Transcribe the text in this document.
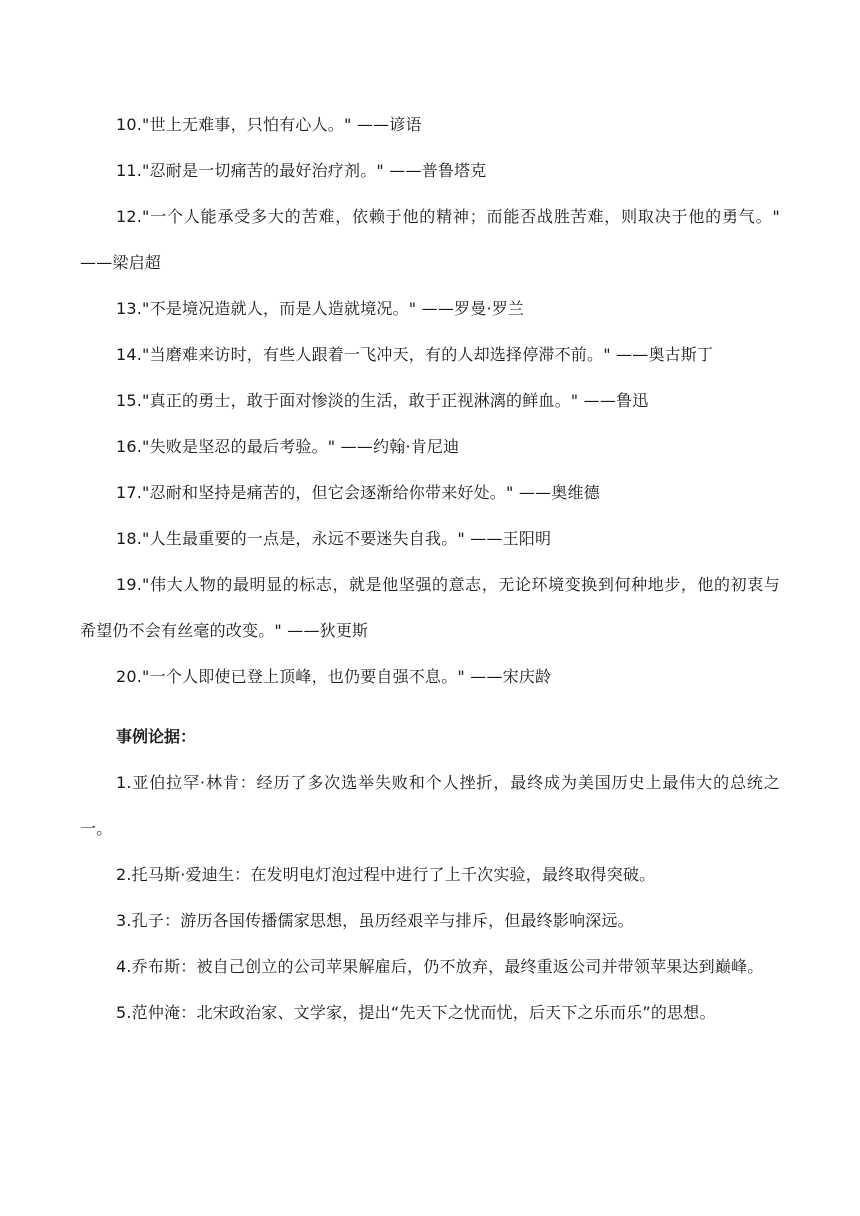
10."世上无难事，只怕有心人。" ——谚语

11."忍耐是一切痛苦的最好治疗剂。" ——普鲁塔克

12."一个人能承受多大的苦难，依赖于他的精神；而能否战胜苦难，则取决于他的勇气。" ——梁启超

13."不是境况造就人，而是人造就境况。" ——罗曼·罗兰

14."当磨难来访时，有些人跟着一飞冲天，有的人却选择停滞不前。" ——奥古斯丁

15."真正的勇士，敢于面对惨淡的生活，敢于正视淋漓的鲜血。" ——鲁迅

16."失败是坚忍的最后考验。" ——约翰·肯尼迪

17."忍耐和坚持是痛苦的，但它会逐渐给你带来好处。" ——奥维德

18."人生最重要的一点是，永远不要迷失自我。" ——王阳明

19."伟大人物的最明显的标志，就是他坚强的意志，无论环境变换到何种地步，他的初衷与希望仍不会有丝毫的改变。" ——狄更斯

20."一个人即使已登上顶峰，也仍要自强不息。" ——宋庆龄

事例论据：

1.亚伯拉罕·林肯：经历了多次选举失败和个人挫折，最终成为美国历史上最伟大的总统之一。

2.托马斯·爱迪生：在发明电灯泡过程中进行了上千次实验，最终取得突破。

3.孔子：游历各国传播儒家思想，虽历经艰辛与排斥，但最终影响深远。

4.乔布斯：被自己创立的公司苹果解雇后，仍不放弃，最终重返公司并带领苹果达到巅峰。

5.范仲淹：北宋政治家、文学家，提出“先天下之忧而忧，后天下之乐而乐”的思想。
